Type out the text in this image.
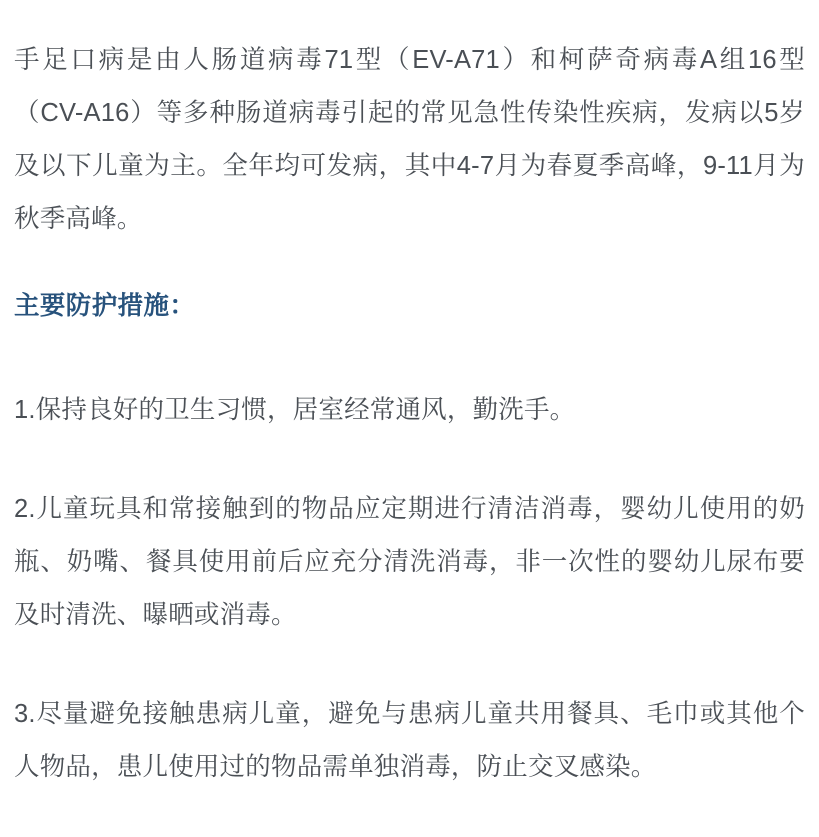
手足口病是由人肠道病毒71型（EV-A71）和柯萨奇病毒A组16型（CV-A16）等多种肠道病毒引起的常见急性传染性疾病，发病以5岁及以下儿童为主。全年均可发病，其中4-7月为春夏季高峰，9-11月为秋季高峰。

主要防护措施：

1.保持良好的卫生习惯，居室经常通风，勤洗手。

2.儿童玩具和常接触到的物品应定期进行清洁消毒，婴幼儿使用的奶瓶、奶嘴、餐具使用前后应充分清洗消毒，非一次性的婴幼儿尿布要及时清洗、曝晒或消毒。

3.尽量避免接触患病儿童，避免与患病儿童共用餐具、毛巾或其他个人物品，患儿使用过的物品需单独消毒，防止交叉感染。
